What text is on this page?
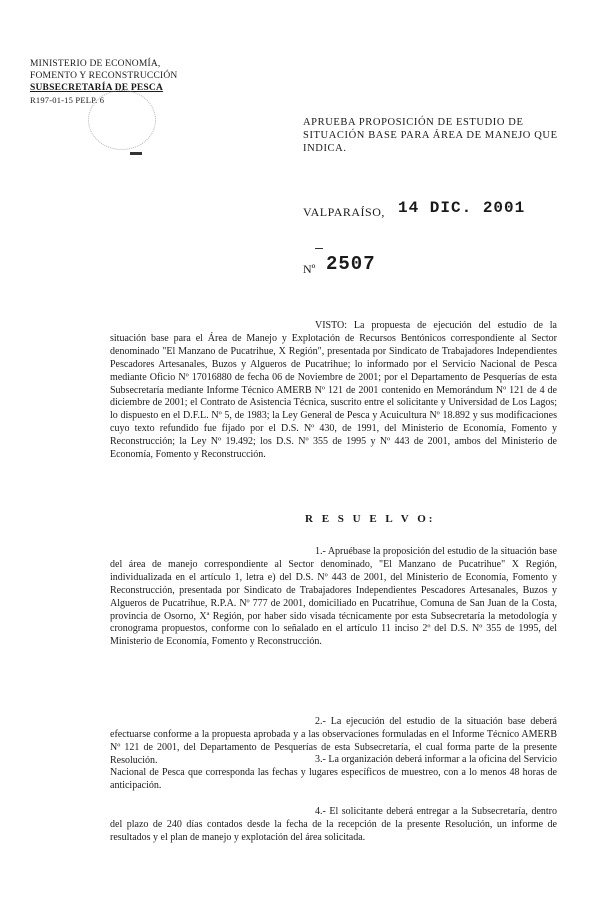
MINISTERIO DE ECONOMÍA,
FOMENTO Y RECONSTRUCCIÓN
SUBSECRETARÍA DE PESCA
R197-01-15 PELP. 6
APRUEBA PROPOSICIÓN DE ESTUDIO DE SITUACIÓN BASE PARA ÁREA DE MANEJO QUE INDICA.
VALPARAÍSO, 14 DIC. 2001
Nº 2507

VISTO: La propuesta de ejecución del estudio de la situación base para el Área de Manejo y Explotación de Recursos Bentónicos correspondiente al Sector denominado "El Manzano de Pucatrihue, X Región", presentada por Sindicato de Trabajadores Independientes Pescadores Artesanales, Buzos y Algueros de Pucatrihue; lo informado por el Servicio Nacional de Pesca mediante Oficio Nº 17016880 de fecha 06 de Noviembre de 2001; por el Departamento de Pesquerías de esta Subsecretaría mediante Informe Técnico AMERB Nº 121 de 2001 contenido en Memorándum Nº 121 de 4 de diciembre de 2001; el Contrato de Asistencia Técnica, suscrito entre el solicitante y Universidad de Los Lagos; lo dispuesto en el D.F.L. Nº 5, de 1983; la Ley General de Pesca y Acuicultura Nº 18.892 y sus modificaciones cuyo texto refundido fue fijado por el D.S. Nº 430, de 1991, del Ministerio de Economía, Fomento y Reconstrucción; la Ley Nº 19.492; los D.S. Nº 355 de 1995 y Nº 443 de 2001, ambos del Ministerio de Economía, Fomento y Reconstrucción.

R E S U E L V O:

1.- Apruébase la proposición del estudio de la situación base del área de manejo correspondiente al Sector denominado, "El Manzano de Pucatrihue" X Región, individualizada en el artículo 1, letra e) del D.S. Nº 443 de 2001, del Ministerio de Economía, Fomento y Reconstrucción, presentada por Sindicato de Trabajadores Independientes Pescadores Artesanales, Buzos y Algueros de Pucatrihue, R.P.A. Nº 777 de 2001, domiciliado en Pucatrihue, Comuna de San Juan de la Costa, provincia de Osorno, Xª Región, por haber sido visada técnicamente por esta Subsecretaría la metodología y cronograma propuestos, conforme con lo señalado en el artículo 11 inciso 2º del D.S. Nº 355 de 1995, del Ministerio de Economía, Fomento y Reconstrucción.

2.- La ejecución del estudio de la situación base deberá efectuarse conforme a la propuesta aprobada y a las observaciones formuladas en el Informe Técnico AMERB Nº 121 de 2001, del Departamento de Pesquerías de esta Subsecretaría, el cual forma parte de la presente Resolución.	3.- La organización deberá informar a la oficina del Servicio Nacional de Pesca que corresponda las fechas y lugares específicos de muestreo, con a lo menos 48 horas de anticipación.

4.- El solicitante deberá entregar a la Subsecretaría, dentro del plazo de 240 días contados desde la fecha de la recepción de la presente Resolución, un informe de resultados y el plan de manejo y explotación del área solicitada.
